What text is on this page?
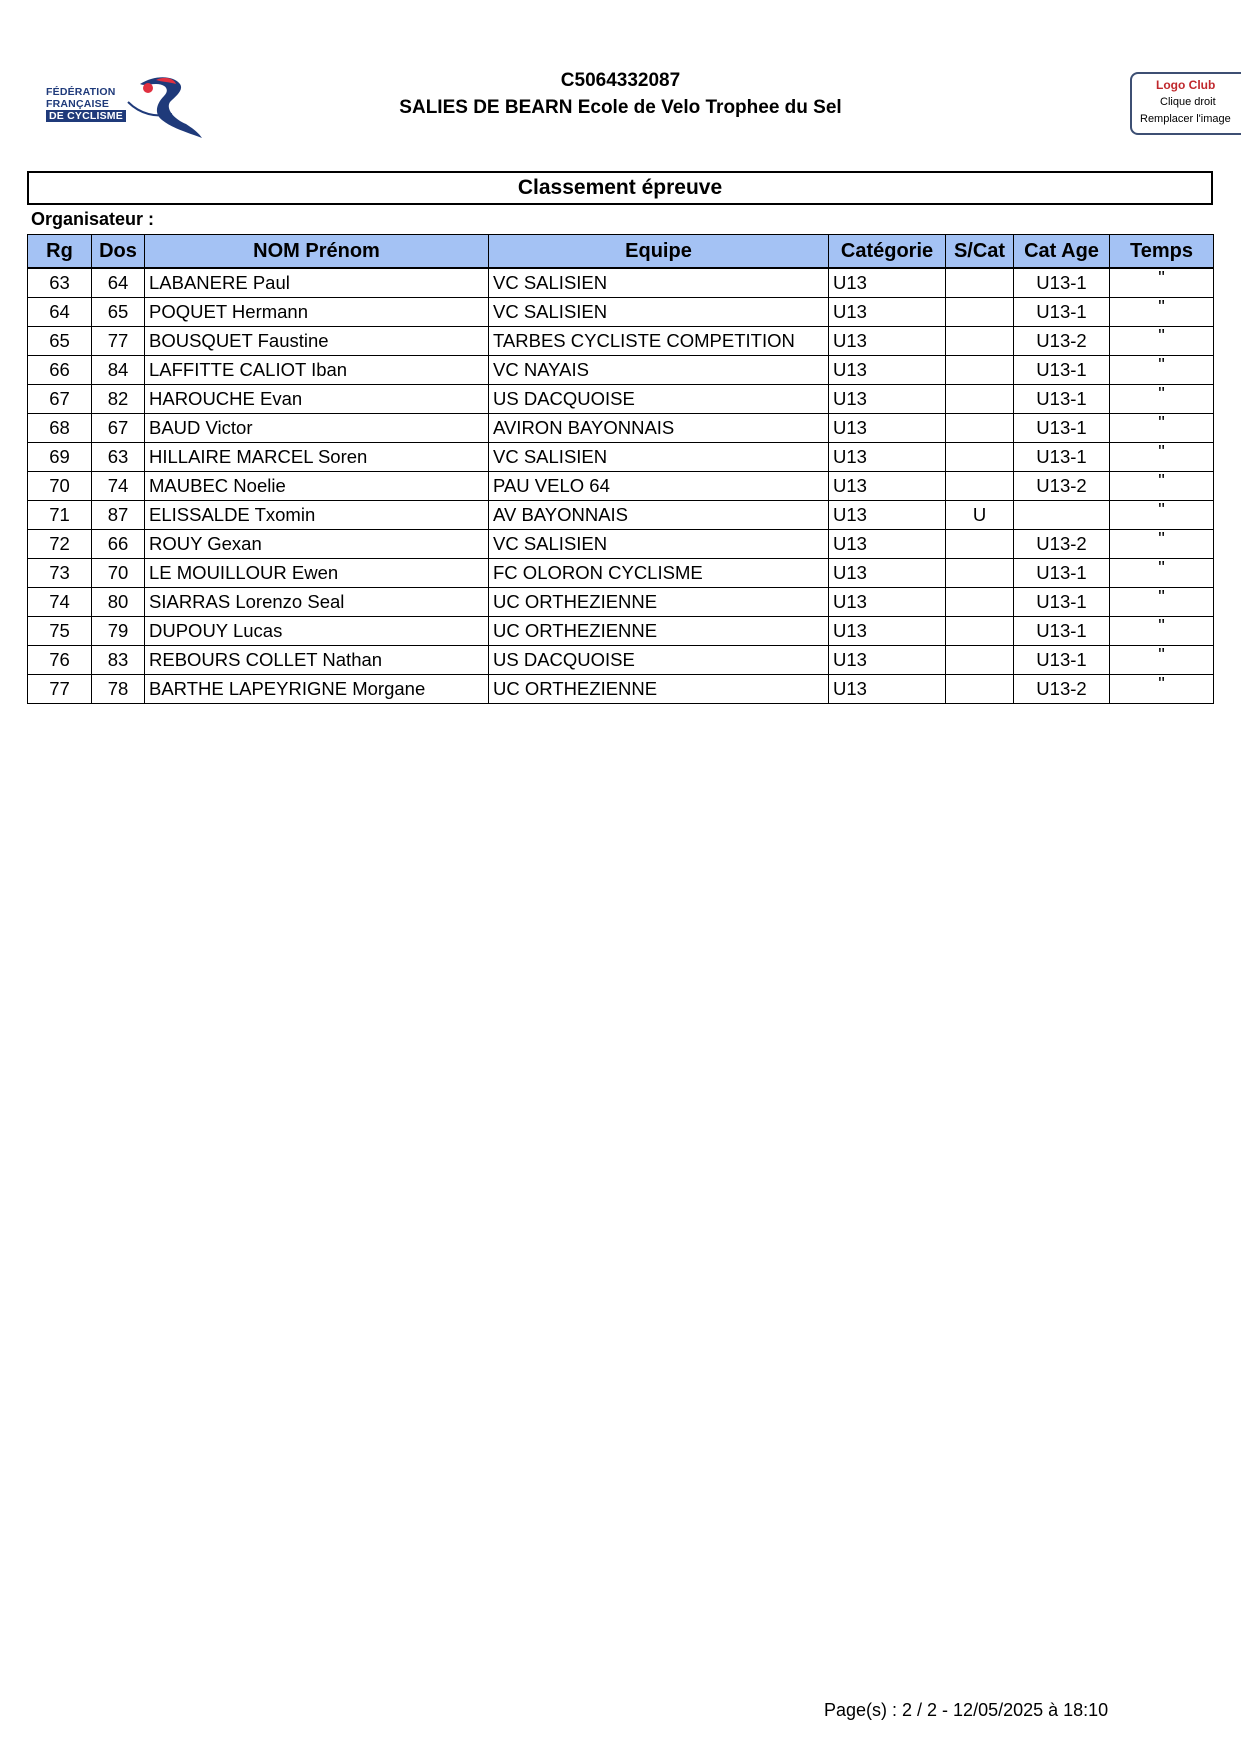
FÉDÉRATION
FRANÇAISE
DE CYCLISME
C5064332087
SALIES DE BEARN Ecole de Velo Trophee du Sel
Logo Club
Clique droit
Remplacer l'image
Classement épreuve
Organisateur :
Rg	Dos	NOM Prénom	Equipe	Catégorie	S/Cat	Cat Age	Temps
63	64	LABANERE Paul	VC SALISIEN	U13		U13-1	"
64	65	POQUET Hermann	VC SALISIEN	U13		U13-1	"
65	77	BOUSQUET Faustine	TARBES CYCLISTE COMPETITION	U13		U13-2	"
66	84	LAFFITTE CALIOT Iban	VC NAYAIS	U13		U13-1	"
67	82	HAROUCHE Evan	US DACQUOISE	U13		U13-1	"
68	67	BAUD Victor	AVIRON BAYONNAIS	U13		U13-1	"
69	63	HILLAIRE MARCEL Soren	VC SALISIEN	U13		U13-1	"
70	74	MAUBEC Noelie	PAU VELO 64	U13		U13-2	"
71	87	ELISSALDE Txomin	AV BAYONNAIS	U13	U		"
72	66	ROUY Gexan	VC SALISIEN	U13		U13-2	"
73	70	LE MOUILLOUR Ewen	FC OLORON CYCLISME	U13		U13-1	"
74	80	SIARRAS Lorenzo Seal	UC ORTHEZIENNE	U13		U13-1	"
75	79	DUPOUY Lucas	UC ORTHEZIENNE	U13		U13-1	"
76	83	REBOURS COLLET Nathan	US DACQUOISE	U13		U13-1	"
77	78	BARTHE LAPEYRIGNE Morgane	UC ORTHEZIENNE	U13		U13-2	"
Page(s) : 2 / 2 - 12/05/2025 à 18:10
